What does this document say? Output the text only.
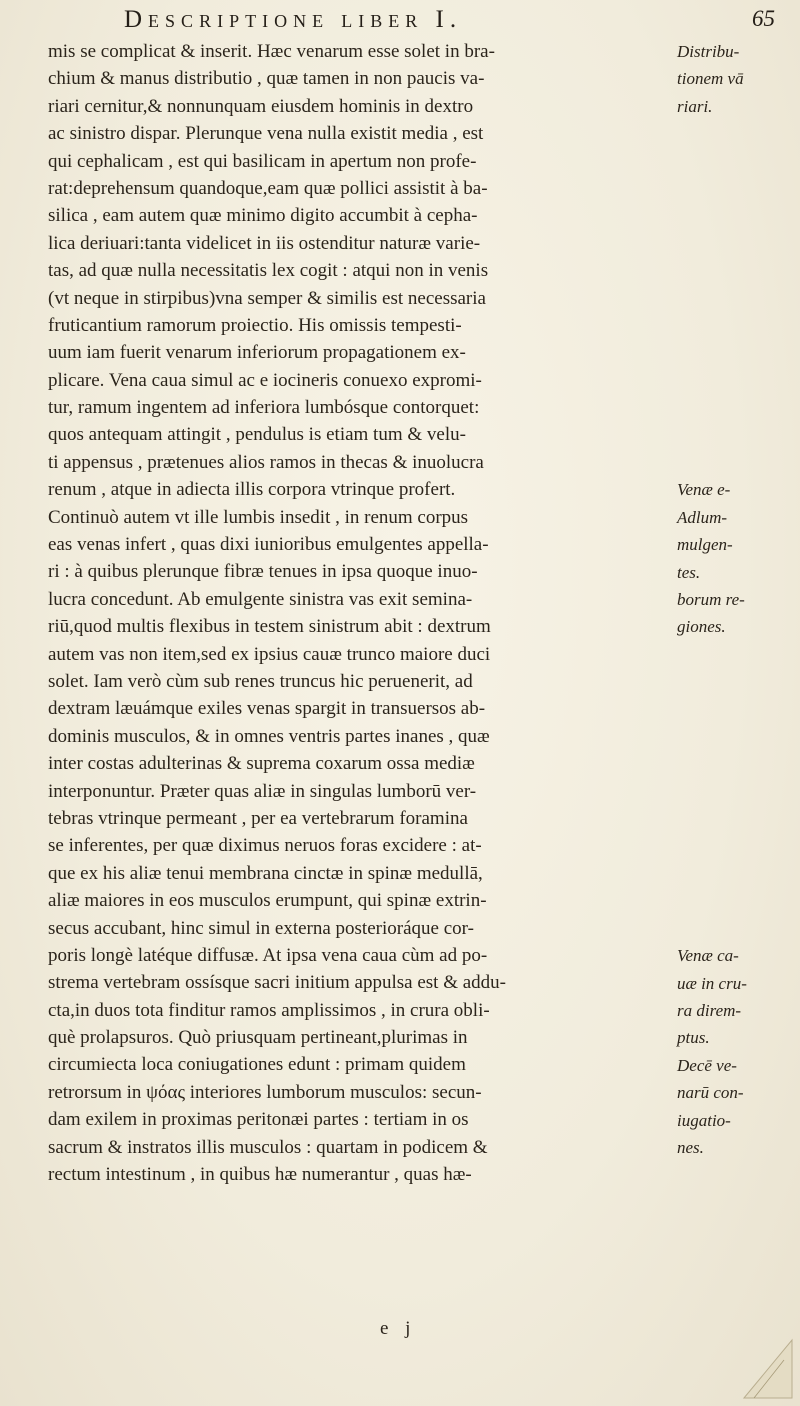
Descriptione liber I.	65
mis se complicat & inserit. Hæc venarum esse solet in bra-
chium & manus distributio , quæ tamen in non paucis va-
riari cernitur,& nonnunquam eiusdem hominis in dextro
ac sinistro dispar. Plerunque vena nulla existit media , est
qui cephalicam , est qui basilicam in apertum non profe-
rat:deprehensum quandoque,eam quæ pollici assistit à ba-
silica , eam autem quæ minimo digito accumbit à cepha-
lica deriuari:tanta videlicet in iis ostenditur naturæ varie-
tas, ad quæ nulla necessitatis lex cogit : atqui non in venis
(vt neque in stirpibus)vna semper & similis est necessaria
fruticantium ramorum proiectio. His omissis tempesti-
uum iam fuerit venarum inferiorum propagationem ex-
plicare. Vena caua simul ac e iocineris conuexo expromi-
tur, ramum ingentem ad inferiora lumbósque contorquet:
quos antequam attingit , pendulus is etiam tum & velu-
ti appensus , prætenues alios ramos in thecas & inuolucra
renum , atque in adiecta illis corpora vtrinque profert.
Continuò autem vt ille lumbis insedit , in renum corpus
eas venas infert , quas dixi iunioribus emulgentes appella-
ri : à quibus plerunque fibræ tenues in ipsa quoque inuo-
lucra concedunt. Ab emulgente sinistra vas exit semina-
riū,quod multis flexibus in testem sinistrum abit : dextrum
autem vas non item,sed ex ipsius cauæ trunco maiore duci
solet. Iam verò cùm sub renes truncus hic peruenerit, ad
dextram læuámque exiles venas spargit in transuersos ab-
dominis musculos, & in omnes ventris partes inanes , quæ
inter costas adulterinas & suprema coxarum ossa mediæ
interponuntur. Præter quas aliæ in singulas lumborū ver-
tebras vtrinque permeant , per ea vertebrarum foramina
se inferentes, per quæ diximus neruos foras excidere : at-
que ex his aliæ tenui membrana cinctæ in spinæ medullā,
aliæ maiores in eos musculos erumpunt, qui spinæ extrin-
secus accubant, hinc simul in externa posterioráque cor-
poris longè latéque diffusæ. At ipsa vena caua cùm ad po-
strema vertebram ossísque sacri initium appulsa est & addu-
cta,in duos tota finditur ramos amplissimos , in crura obli-
què prolapsuros. Quò priusquam pertineant,plurimas in
circumiecta loca coniugationes edunt : primam quidem
retrorsum in ψόας interiores lumborum musculos: secun-
dam exilem in proximas peritonæi partes : tertiam in os
sacrum & instratos illis musculos : quartam in podicem &
rectum intestinum , in quibus hæ numerantur , quas hæ-
Distribu-
tionem vā
riari.
Venæ e-
Adlum-
mulgen-
tes.
borum re-
giones.
Venæ ca-
uæ in cru-
ra direm-
ptus.
Decē ve-
narū con-
iugatio-
nes.
e j
